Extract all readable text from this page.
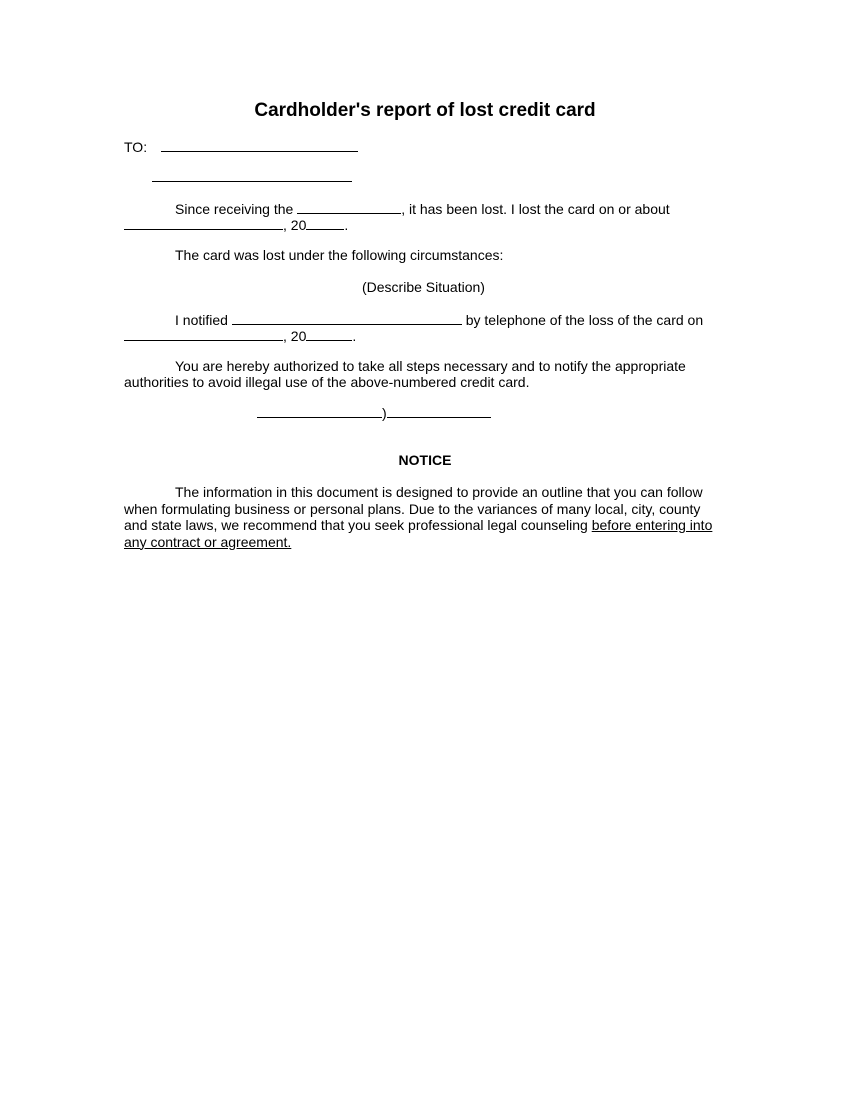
Cardholder's report of lost credit card
TO:
Since receiving the	, it has been lost. I lost the card on or about
, 20	.
The card was lost under the following circumstances:
(Describe Situation)
I notified	by telephone of the loss of the card on
, 20	.
You are hereby authorized to take all steps necessary and to notify the appropriate
authorities to avoid illegal use of the above-numbered credit card.
)
NOTICE
The information in this document is designed to provide an outline that you can follow when formulating business or personal plans. Due to the variances of many local, city, county and state laws, we recommend that you seek professional legal counseling before entering into any contract or agreement.
